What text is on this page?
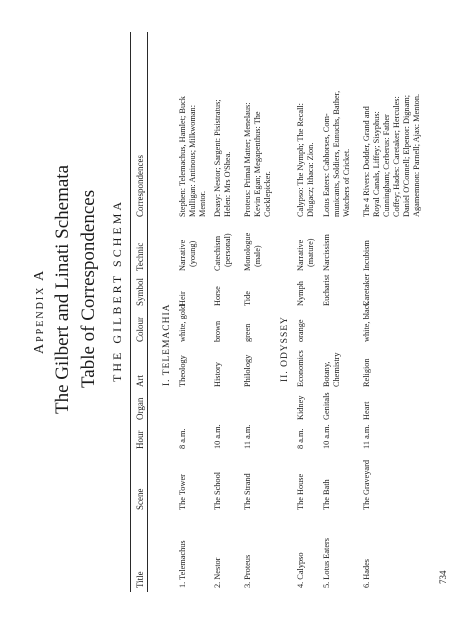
Appendix A The Gilbert and Linati Schemata Table of Correspondences THE GILBERT SCHEMA
Title
Scene
Hour
Organ
Art
Colour
Symbol
Technic
Correspondences
I. TELEMACHIA
1. Telemachus
The Tower
8 a.m.
Theology
white, gold
Heir
Narrative (young)
Stephen: Telemachus, Hamlet; Buck Mulligan: Antinous; Milkwoman: Mentor.
2. Nestor
The School
10 a.m.
History
brown
Horse
Catechism (personal)
Deasy: Nestor; Sargent: Pisistratus; Helen: Mrs O'Shea.
3. Proteus
The Strand
11 a.m.
Philology
green
Tide
Monologue (male)
Proteus: Primal Matter; Menelaus: Kevin Egan; Megapenthus: The Cocklepicker.
II. ODYSSEY
4. Calypso
The House
8 a.m.
Kidney
Economics
orange
Nymph
Narrative (mature)
Calypso: The Nymph; The Recall: Dlugacz; Ithaca: Zion.
5. Lotus Eaters
The Bath
10 a.m.
Genitals
Botany, Chemistry
Eucharist
Narcissism
Lotus Eaters: Cabhorses, Com- municants, Soldiers, Eunuchs, Bather, Watchers of Cricket.
6. Hades
The Graveyard
11 a.m.
Heart
Religion
white, black
Caretaker
Incubism
The 4 Rivers: Dodder, Grand and Royal Canals, Liffey; Sisyphus: Cunningham; Cerberus: Father Coffey; Hades: Caretaker; Hercules: Daniel O'Connell; Elpenor: Dignam; Agamemnon: Parnell; Ajax: Menton.
734
